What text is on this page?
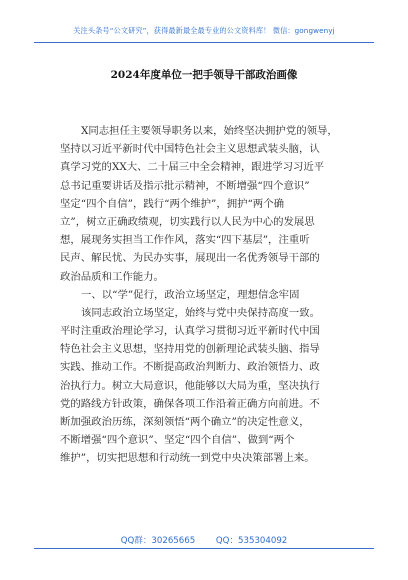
关注头条号“公文研究”，获得最新最全最专业的公文资料库！ 微信：gongwenyj
2024年度单位一把手领导干部政治画像
X同志担任主要领导职务以来，始终坚决拥护党的领导，
坚持以习近平新时代中国特色社会主义思想武装头脑，认
真学习党的XX大、二十届三中全会精神，跟进学习习近平
总书记重要讲话及指示批示精神，不断增强“四个意识”
坚定“四个自信”，践行“两个维护”，拥护“两个确
立”，树立正确政绩观，切实践行以人民为中心的发展思
想，展现务实担当工作作风，落实“四下基层”，注重听
民声、解民忧、为民办实事，展现出一名优秀领导干部的
政治品质和工作能力。
一、以“学”促行，政治立场坚定，理想信念牢固
该同志政治立场坚定，始终与党中央保持高度一致。
平时注重政治理论学习，认真学习贯彻习近平新时代中国
特色社会主义思想，坚持用党的创新理论武装头脑、指导
实践、推动工作。不断提高政治判断力、政治领悟力、政
治执行力。树立大局意识，他能够以大局为重，坚决执行
党的路线方针政策，确保各项工作沿着正确方向前进。不
断加强政治历练，深刻领悟“两个确立”的决定性意义，
不断增强“四个意识”、坚定“四个自信”、做到“两个
维护”，切实把思想和行动统一到党中央决策部署上来。
QQ群：30265665 QQ：535304092
